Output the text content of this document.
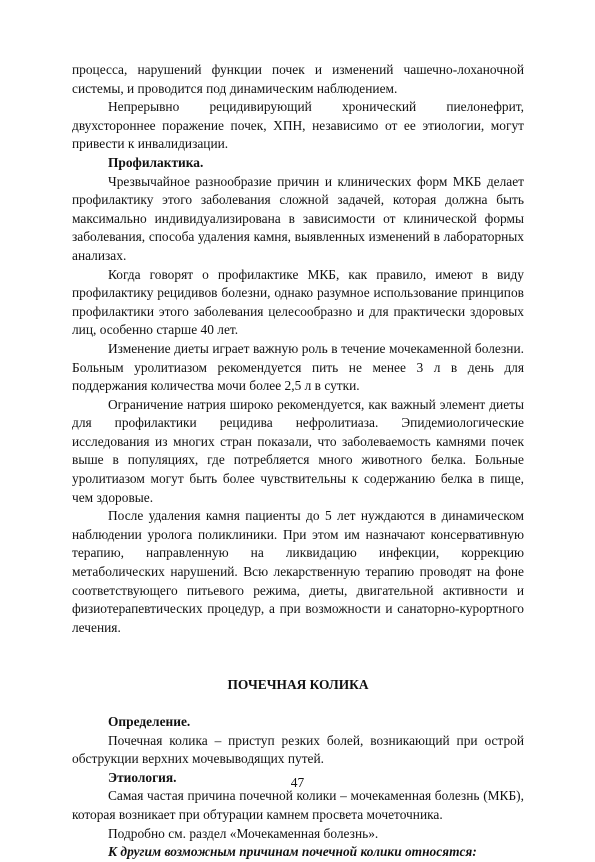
процесса, нарушений функции почек и изменений чашечно-лоханочной системы, и проводится под динамическим наблюдением.

Непрерывно рецидивирующий хронический пиелонефрит, двухстороннее поражение почек, ХПН, независимо от ее этиологии, могут привести к инвалидизации.

Профилактика.

Чрезвычайное разнообразие причин и клинических форм МКБ делает профилактику этого заболевания сложной задачей, которая должна быть максимально индивидуализирована в зависимости от клинической формы заболевания, способа удаления камня, выявленных изменений в лабораторных анализах.

Когда говорят о профилактике МКБ, как правило, имеют в виду профилактику рецидивов болезни, однако разумное использование принципов профилактики этого заболевания целесообразно и для практически здоровых лиц, особенно старше 40 лет.

Изменение диеты играет важную роль в течение мочекаменной болезни. Больным уролитиазом рекомендуется пить не менее 3 л в день для поддержания количества мочи более 2,5 л в сутки.

Ограничение натрия широко рекомендуется, как важный элемент диеты для профилактики рецидива нефролитиаза. Эпидемиологические исследования из многих стран показали, что заболеваемость камнями почек выше в популяциях, где потребляется много животного белка. Больные уролитиазом могут быть более чувствительны к содержанию белка в пище, чем здоровые.

После удаления камня пациенты до 5 лет нуждаются в динамическом наблюдении уролога поликлиники. При этом им назначают консервативную терапию, направленную на ликвидацию инфекции, коррекцию метаболических нарушений. Всю лекарственную терапию проводят на фоне соответствующего питьевого режима, диеты, двигательной активности и физиотерапевтических процедур, а при возможности и санаторно-курортного лечения.

ПОЧЕЧНАЯ КОЛИКА
Определение.

Почечная колика – приступ резких болей, возникающий при острой обструкции верхних мочевыводящих путей.

Этиология.

Самая частая причина почечной колики – мочекаменная болезнь (МКБ), которая возникает при обтурации камнем просвета мочеточника.

Подробно см. раздел «Мочекаменная болезнь».

К другим возможным причинам почечной колики относятся:
47
